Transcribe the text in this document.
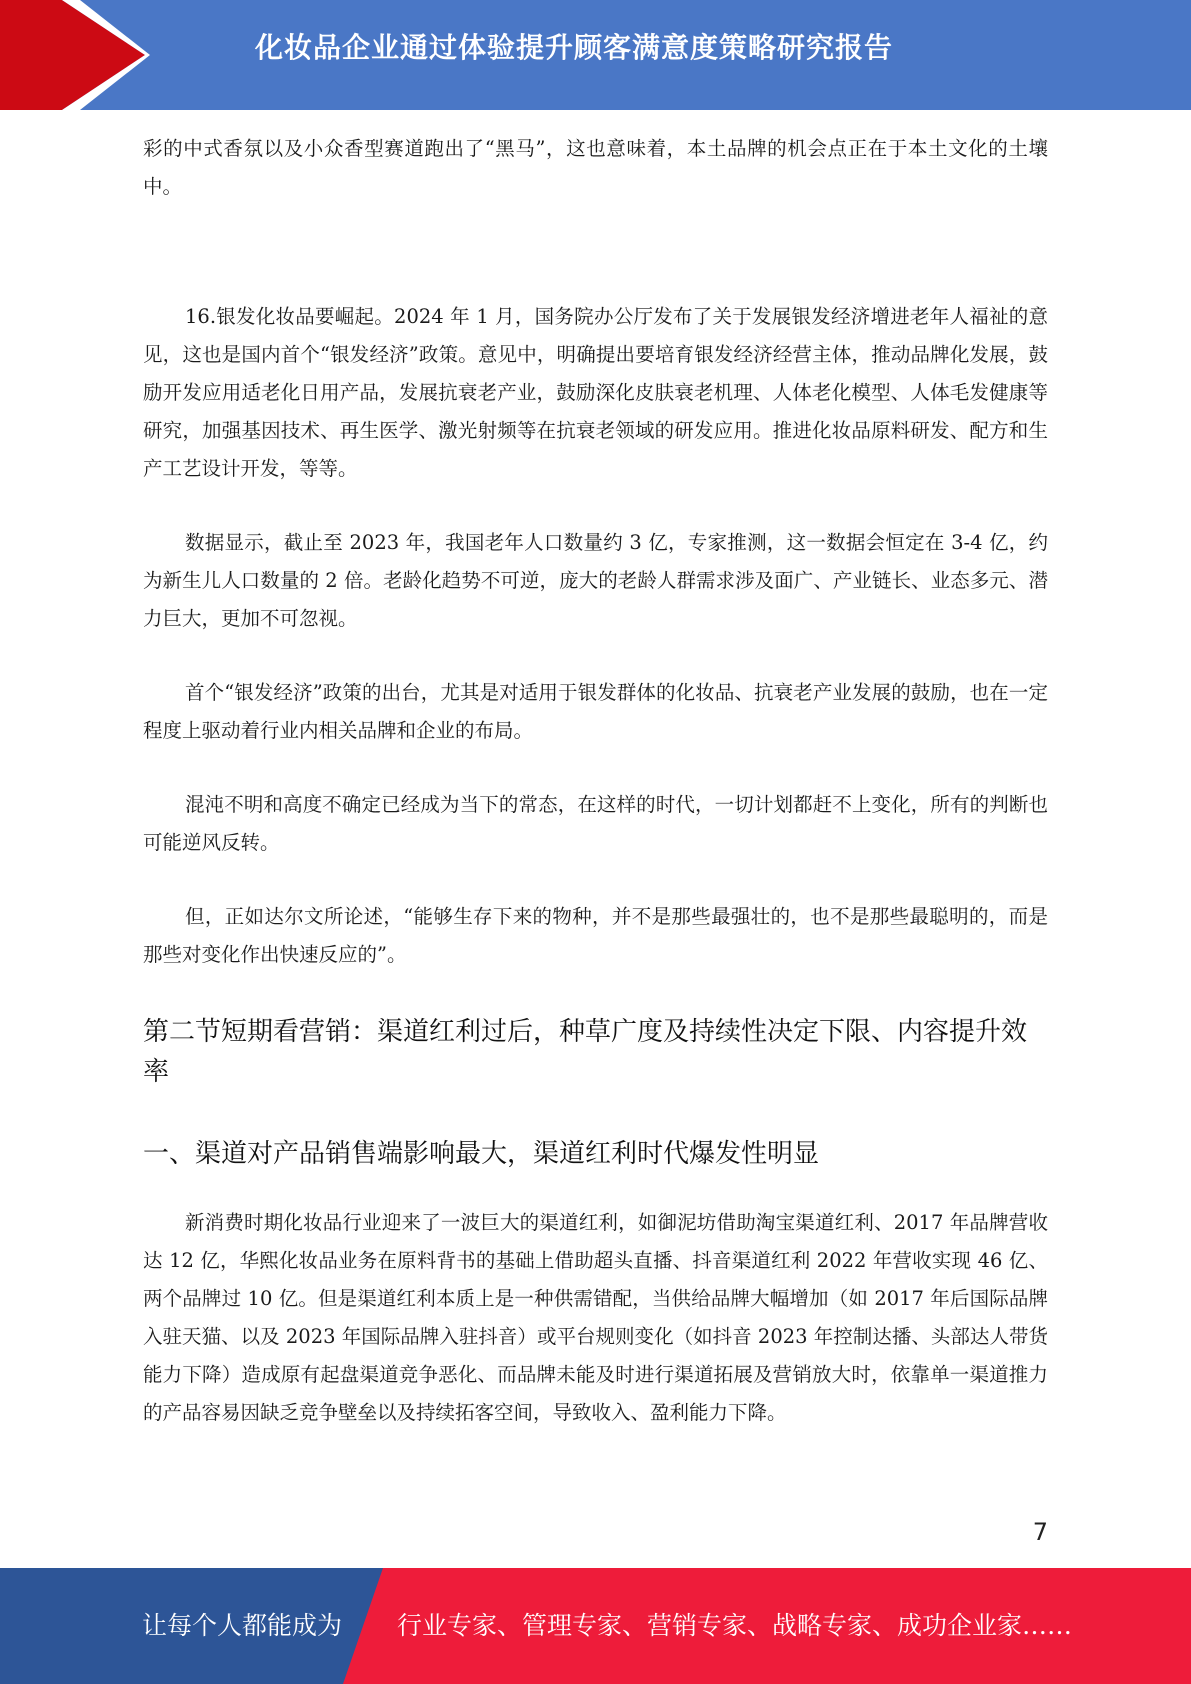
化妆品企业通过体验提升顾客满意度策略研究报告

彩的中式香氛以及小众香型赛道跑出了“黑马”，这也意味着，本土品牌的机会点正在于本土文化的土壤中。

16.银发化妆品要崛起。2024 年 1 月，国务院办公厅发布了关于发展银发经济增进老年人福祉的意见，这也是国内首个“银发经济”政策。意见中，明确提出要培育银发经济经营主体，推动品牌化发展，鼓励开发应用适老化日用产品，发展抗衰老产业，鼓励深化皮肤衰老机理、人体老化模型、人体毛发健康等研究，加强基因技术、再生医学、激光射频等在抗衰老领域的研发应用。推进化妆品原料研发、配方和生产工艺设计开发，等等。

数据显示，截止至 2023 年，我国老年人口数量约 3 亿，专家推测，这一数据会恒定在 3-4 亿，约为新生儿人口数量的 2 倍。老龄化趋势不可逆，庞大的老龄人群需求涉及面广、产业链长、业态多元、潜力巨大，更加不可忽视。

首个“银发经济”政策的出台，尤其是对适用于银发群体的化妆品、抗衰老产业发展的鼓励，也在一定程度上驱动着行业内相关品牌和企业的布局。

混沌不明和高度不确定已经成为当下的常态，在这样的时代，一切计划都赶不上变化，所有的判断也可能逆风反转。

但，正如达尔文所论述，“能够生存下来的物种，并不是那些最强壮的，也不是那些最聪明的，而是那些对变化作出快速反应的”。

第二节短期看营销：渠道红利过后，种草广度及持续性决定下限、内容提升效率
一、渠道对产品销售端影响最大，渠道红利时代爆发性明显

新消费时期化妆品行业迎来了一波巨大的渠道红利，如御泥坊借助淘宝渠道红利、2017 年品牌营收达 12 亿，华熙化妆品业务在原料背书的基础上借助超头直播、抖音渠道红利 2022 年营收实现 46 亿、两个品牌过 10 亿。但是渠道红利本质上是一种供需错配，当供给品牌大幅增加（如 2017 年后国际品牌入驻天猫、以及 2023 年国际品牌入驻抖音）或平台规则变化（如抖音 2023 年控制达播、头部达人带货能力下降）造成原有起盘渠道竞争恶化、而品牌未能及时进行渠道拓展及营销放大时，依靠单一渠道推力的产品容易因缺乏竞争壁垒以及持续拓客空间，导致收入、盈利能力下降。

7
让每个人都能成为 行业专家、管理专家、营销专家、战略专家、成功企业家……
